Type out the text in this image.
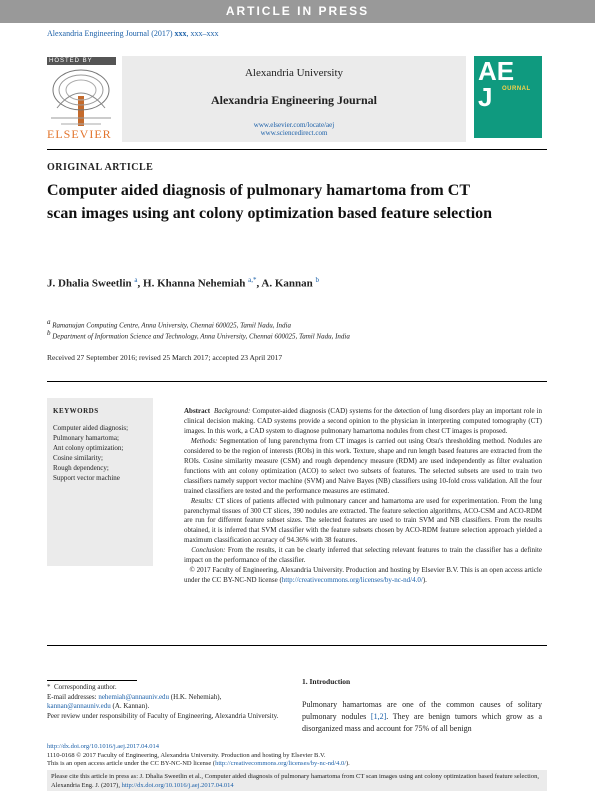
ARTICLE IN PRESS
Alexandria Engineering Journal (2017) xxx, xxx–xxx
HOSTED BY
ELSEVIER
Alexandria University
Alexandria Engineering Journal
www.elsevier.com/locate/aej
www.sciencedirect.com
AE
J	OURNAL
ORIGINAL ARTICLE
Computer aided diagnosis of pulmonary hamartoma from CT scan images using ant colony optimization based feature selection
J. Dhalia Sweetlin $^a$, H. Khanna Nehemiah $^{a,*}$, A. Kannan $^b$
$^a$ Ramanujan Computing Centre, Anna University, Chennai 600025, Tamil Nadu, India
$^b$ Department of Information Science and Technology, Anna University, Chennai 600025, Tamil Nadu, India
Received 27 September 2016; revised 25 March 2017; accepted 23 April 2017
KEYWORDS
Computer aided diagnosis;
Pulmonary hamartoma;
Ant colony optimization;
Cosine similarity;
Rough dependency;
Support vector machine

Abstract Background: Computer-aided diagnosis (CAD) systems for the detection of lung disorders play an important role in clinical decision making. CAD systems provide a second opinion to the physician in interpreting computed tomography (CT) images. In this work, a CAD system to diagnose pulmonary hamartoma nodules from chest CT images is proposed.

Methods: Segmentation of lung parenchyma from CT images is carried out using Otsu's thresholding method. Nodules are considered to be the region of interests (ROIs) in this work. Texture, shape and run length based features are extracted from the ROIs. Cosine similarity measure (CSM) and rough dependency measure (RDM) are used independently as filter evaluation functions with ant colony optimization (ACO) to select two subsets of features. The selected subsets are used to train two classifiers namely support vector machine (SVM) and Naive Bayes (NB) classifiers using 10-fold cross validation. All the four trained classifiers are tested and the performance measures are estimated.

Results: CT slices of patients affected with pulmonary cancer and hamartoma are used for experimentation. From the lung parenchymal tissues of 300 CT slices, 390 nodules are extracted. The feature selection algorithms, ACO-CSM and ACO-RDM are run for different feature subset sizes. The selected features are used to train SVM and NB classifiers. From the results obtained, it is inferred that SVM classifier with the feature subsets chosen by ACO-RDM feature selection approach yielded a maximum classification accuracy of 94.36% with 38 features.

Conclusion: From the results, it can be clearly inferred that selecting relevant features to train the classifier has a definite impact on the performance of the classifier.

© 2017 Faculty of Engineering, Alexandria University. Production and hosting by Elsevier B.V. This is an open access article under the CC BY-NC-ND license (http://creativecommons.org/licenses/by-nc-nd/4.0/).

*  Corresponding author.
E-mail addresses: nehemiah@annauniv.edu (H.K. Nehemiah), kannan@annauniv.edu (A. Kannan).
Peer review under responsibility of Faculty of Engineering, Alexandria University.
http://dx.doi.org/10.1016/j.aej.2017.04.014
1110-0168 © 2017 Faculty of Engineering, Alexandria University. Production and hosting by Elsevier B.V.
This is an open access article under the CC BY-NC-ND license (http://creativecommons.org/licenses/by-nc-nd/4.0/).
1. Introduction
Pulmonary hamartomas are one of the common causes of solitary pulmonary nodules [1,2]. They are benign tumors which grow as a disorganized mass and account for 75% of all benign
Please cite this article in press as: J. Dhalia Sweetlin et al., Computer aided diagnosis of pulmonary hamartoma from CT scan images using ant colony optimization based feature selection, Alexandria Eng. J. (2017), http://dx.doi.org/10.1016/j.aej.2017.04.014
